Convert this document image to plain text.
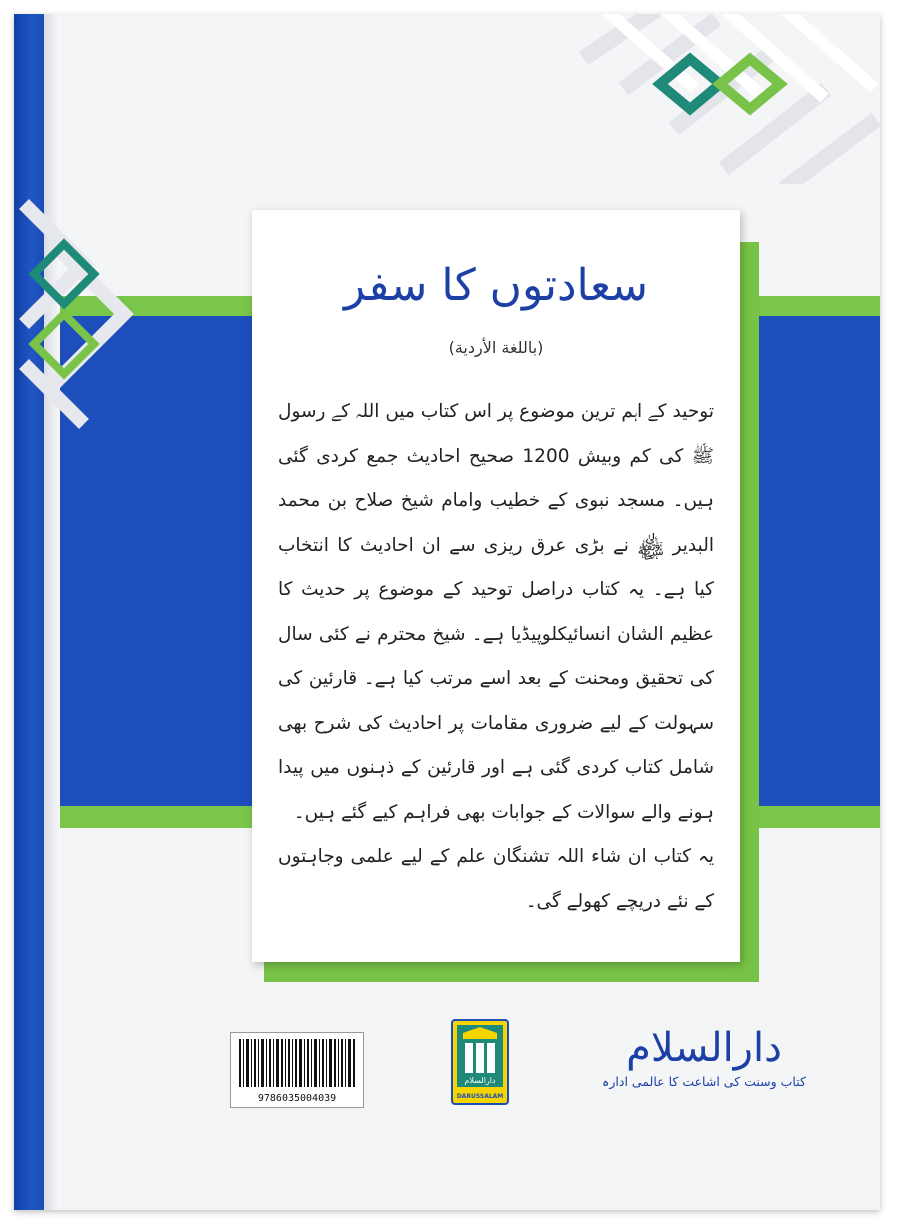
سعادتوں کا سفر
(باللغة الأردية)

توحید کے اہم ترین موضوع پر اس کتاب میں اللہ کے رسول ﷺ کی کم وبیش 1200 صحیح احادیث جمع کردی گئی ہیں۔ مسجد نبوی کے خطیب وامام شیخ صلاح بن محمد البدیر ﷾ نے بڑی عرق ریزی سے ان احادیث کا انتخاب کیا ہے۔ یہ کتاب دراصل توحید کے موضوع پر حدیث کا عظیم الشان انسائیکلوپیڈیا ہے۔ شیخ محترم نے کئی سال کی تحقیق ومحنت کے بعد اسے مرتب کیا ہے۔ قارئین کی سہولت کے لیے ضروری مقامات پر احادیث کی شرح بھی شامل کتاب کردی گئی ہے اور قارئین کے ذہنوں میں پیدا ہونے والے سوالات کے جوابات بھی فراہم کیے گئے ہیں۔

یہ کتاب ان شاء اللہ تشنگان علم کے لیے علمی وجاہتوں کے نئے دریچے کھولے گی۔

9786035004039
دارالسلام
DARUSSALAM
دارالسلام
کتاب وسنت کی اشاعت کا عالمی ادارہ
